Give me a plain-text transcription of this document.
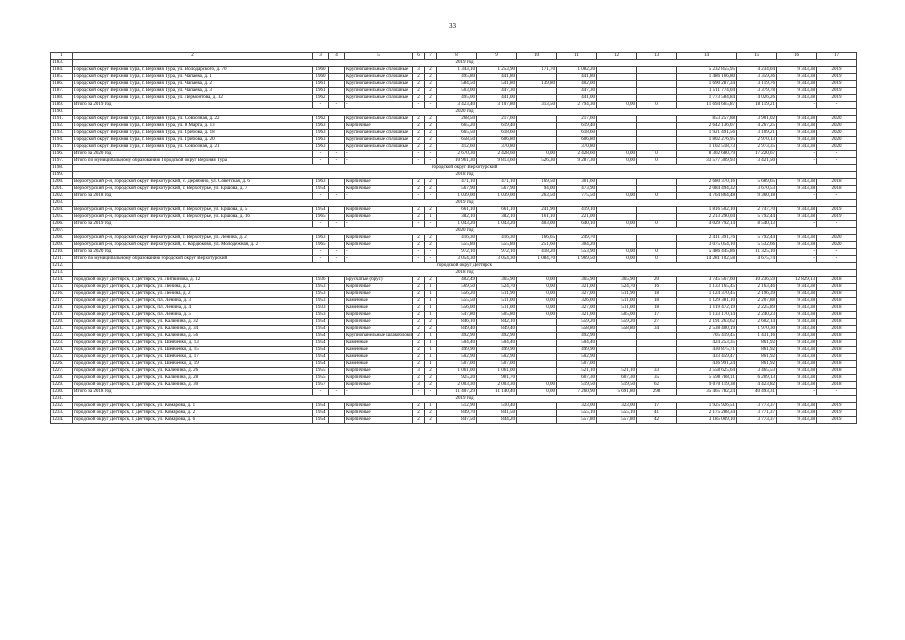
33
1	2	3	4	5	6	7	8	9	10	11	12	13	14	15	16	17
1183.	2019 год															
1184.	Городской округ Верхняя Тура, г. Верхняя Тура, ул. Володарского, д. 70	1960		Крупнопанельные сплошные	3	2	1 343,10	1 253,90	171,70	1 082,20			5 232 855,95	4 234,04	9 343,38	2019
1185.	Городской округ Верхняя Тура, г. Верхняя Тура, ул. Чапаева, д. 1	1960		Крупнопанельные сплошные	2	2	495,80	441,80		441,80			1 486 166,80	3 359,36	9 343,38	2019
1186.	Городской округ Верхняя Тура, г. Верхняя Тура, ул. Чапаева, д. 2	1961		Крупнопанельные сплошные	2	2	584,50	541,80	139,80	402,00			1 690 287,34	3 119,76	9 343,38	2019
1187.	Городской округ Верхняя Тура, г. Верхняя Тура, ул. Чапаева, д. 3	1961		Крупнопанельные сплошные	2	2	503,00	447,30		447,30			1 511 774,04	3 379,78	9 343,38	2019
1188.	Городской округ Верхняя Тура, г. Верхняя Тура, ул. Лермонтова, д. 12	1962		Крупнопанельные сплошные	2	2	495,00	441,00		441,00			1 773 584,84	4 026,26	9 343,38	2019
1189.	Итого за 2019 год	-	-	-	-	-	3 423,40	3 107,80	313,50	2 794,30	0,00	0	11 694 665,87	18 119,21	-	-
1190.	2020 год															
1191.	Городской округ Верхняя Тура, г. Верхняя Тура, ул. Совхозная, д. 22	1962		Крупнопанельные сплошные	2	2	268,50	217,60		217,60			853 257,88	3 901,02	9 343,38	2020
1192.	Городской округ Верхняя Тура, г. Верхняя Тура, ул. 8 Марта, д. 13	1963		Кирпичные	2	2	665,20	619,40		619,40			2 642 136,07	4 267,25	9 343,38	2020
1193.	Городской округ Верхняя Тура, г. Верхняя Тура, ул. Грибова, д. 18	1963		Крупнопанельные сплошные	2	2	665,50	618,60		618,60			1 921 491,56	3 109,21	9 343,38	2020
1194.	Городской округ Верхняя Тура, г. Верхняя Тура, ул. Грибова, д. 20	1963		Крупнопанельные сплошные	2	2	658,50	606,80		606,80			1 802 276,95	2 970,13	9 343,38	2020
1195.	Городской округ Верхняя Тура, г. Верхняя Тура, ул. Совхозная, д. 21	1963		Крупнопанельные сплошные	2	2	412,60	370,80		370,80			1 102 518,73	2 973,35	9 343,38	2020
1196.	Итого за 2020 год	-	-	-	-	-	2 670,30	2 428,60	0,00	2 428,60	0,00	0	8 302 680,79	17 220,67	-	-
1197.	Итого по муниципальному образованию Городской округ Верхняя Тура	-	-	-	-	-	10 961,30	9 813,60	526,30	9 287,30	0,00	0	33 577 309,93	3 421,50	-	-
1198.	городской округ Верхотурский															
1199.	2018 год															
1200.	Верхотурский р-н, городской округ Верхотурский, с. Дерябино, ул. Советская, д. 6	1963		Кирпичные	2	2	471,10	471,10	169,50	301,60			2 680 370,16	5 689,65	9 343,38	2018
1201.	Верхотурский р-н, городской округ Верхотурский, г. Верхотурье, ул. Ершова, д. 7	1954		Кирпичные	2	2	567,90	567,90	94,00	473,90			2 084 494,32	3 670,53	9 343,38	2018
1202.	Итого за 2018 год	-	-	-	-	-	1 039,00	1 039,00	263,50	775,50	0,00	0	4 764 864,48	9 360,18	-	-
1203.	2019 год															
1204.	Верхотурский р-н, городской округ Верхотурский, г. Верхотурье, ул. Ершова, д. 5	1954		Кирпичные	2	2	661,10	661,10	241,90	419,10			1 816 502,10	2 747,70	9 343,38	2019
1205.	Верхотурский р-н, городской округ Верхотурский, г. Верхотурье, ул. Ершова, д. 16	1965		Кирпичные	2	1	382,10	382,10	161,10	221,00			2 213 290,04	5 792,44	9 343,38	2019
1206.	Итого за 2019 год	-	-	-	-	-	1 043,20	1 043,20	403,00	640,10	0,00	0	4 029 792,14	8 540,13	-	-
1207.	2020 год															
1208.	Верхотурский р-н, городской округ Верхотурский, г. Верхотурье, ул. Ленина, д. 2	1963		Кирпичные	2	2	416,30	416,30	166,65	249,70			2 411 391,76	5 792,44	9 343,38	2020
1209.	Верхотурский р-н, городской округ Верхотурский, с. Кордюково, ул. Молодежная, д. 2	1965		Кирпичные	2	2	555,80	555,80	251,60	304,20			3 075 054,10	5 532,66	9 343,38	2020
1210.	Итого за 2020 год	-	-	-	-	-	972,10	972,10	418,20	553,90	0,00	0	5 486 445,86	11 325,10	-	-
1211.	Итого по муниципальному образованию городской округ Верхотурский	-	-	-	-	-	3 054,30	3 054,30	1 084,70	1 969,50	0,00	0	14 281 102,58	4 675,74	-	-
1212.	городской округ Дегтярск															
1213.	2018 год															
1214.	городской округ Дегтярск, г. Дегтярск, ул. Литвинова, д. 12	1936		Брусчатые (брус)	2	2	402,49	365,90	0,00	365,90	365,90	20	3 745 567,60	10 236,59	12 829,13	2018
1215.	городской округ Дегтярск, г. Дегтярск, ул. Ленина, д. 1	1953		Кирпичные	2	1	569,50	524,70	0,00	321,00	524,70	16	1 133 165,45	2 163,46	9 343,38	2018
1216.	городской округ Дегтярск, г. Дегтярск, ул. Ленина, д. 2	1953		Кирпичные	2	1	556,20	511,90	0,00	327,00	511,90	18	1 124 370,45	2 196,39	9 343,38	2018
1217.	городской округ Дегтярск, г. Дегтярск, пл. Ленина, д. 3	1953		Каменные	2	1	555,50	511,00	0,00	326,00	511,00	18	1 129 381,10	2 207,88	9 343,38	2018
1218.	городской округ Дегтярск, г. Дегтярск, пл. Ленина, д. 4	1933		Каменные	2	1	556,00	511,00	0,00	327,00	511,00	18	1 119 472,19	2 225,89	9 343,38	2018
1219.	городской округ Дегтярск, г. Дегтярск, пл. Ленина, д. 5	1953		Кирпичные	2	1	547,80	505,80	0,00	321,00	505,00	17	1 133 170,14	2 240,23	9 343,38	2018
1220.	городской округ Дегтярск, г. Дегтярск, ул. Калинина, д. 32	1954		Кирпичные	2	2	846,10	842,10		559,20	559,20	27	2 191 263,62	2 602,14	9 343,38	2018
1221.	городской округ Дегтярск, г. Дегтярск, ул. Калинина, д. 34	1954		Кирпичные	2	2	849,40	849,40		558,80	558,80	34	2 538 400,19	1 970,30	9 343,38	2018
1222.	городской округ Дегтярск, г. Дегтярск, ул. Калинина, д. 56	1954		Крупнопанельные шлакоблоки	2	1	492,90	492,90		492,90			705 419,45	1 431,16	9 343,38	2018
1223.	городской округ Дегтярск, г. Дегтярск, ул. Шевченко, д. 13	1954		Каменные	2	1	504,40	504,40		504,40			424 253,35	861,92	9 343,38	2018
1224.	городской округ Дегтярск, г. Дегтярск, ул. Шевченко, д. 15	1954		Каменные	2	1	499,90	499,90		499,90			430 875,71	861,92	9 343,38	2018
1225.	городской округ Дегтярск, г. Дегтярск, ул. Шевченко, д. 17	1954		Каменные	2	1	502,90	502,90		502,90			433 459,47	861,92	9 343,38	2018
1226.	городской округ Дегтярск, г. Дегтярск, ул. Шевченко, д. 19	1954		Каменные	2	1	507,00	507,00		507,00			436 991,24	861,92	9 343,38	2018
1227.	городской округ Дегтярск, г. Дегтярск, ул. Калинина, д. 26	1955		Кирпичные	3	2	1 061,00	1 061,00		521,10	521,10	33	3 558 625,64	3 465,53	9 343,38	2018
1228.	городской округ Дегтярск, г. Дегтярск, ул. Калинина, д. 28	1955		Кирпичные	2	2	925,20	901,70		607,30	607,30	35	5 598 788,11	6 209,13	9 343,38	2018
1229.	городской округ Дегтярск, г. Дегтярск, ул. Калинина, д. 30	1957		Кирпичные	3	2	2 003,30	2 003,30	0,00	519,50	519,50	62	9 070 119,38	4 423,82	9 343,38	2018
1230.	Итого за 2018 год	-	-	-	-	-	11 407,29	11 140,40	0,00	7 260,90	5 691,80	298	35 465 782,24	40 493,31	-	-
1231.	2019 год															
1232.	городской округ Дегтярск, г. Дегтярск, ул. Комарова, д. 1	1954		Кирпичные	2	1	512,90	510,40		323,00	323,00	17	1 925 926,51	3 773,37	9 343,38	2019
1233.	городской округ Дегтярск, г. Дегтярск, ул. Комарова, д. 2	1954		Кирпичные	2	2	849,70	841,50		555,10	555,10	41	2 175 288,34	3 771,37	9 343,38	2019
1234.	городской округ Дегтярск, г. Дегтярск, ул. Комарова, д. 6	1954		Кирпичные	2	2	847,50	844,20		557,80	557,80	42	3 185 009,10	3 773,37	9 343,38	2019
